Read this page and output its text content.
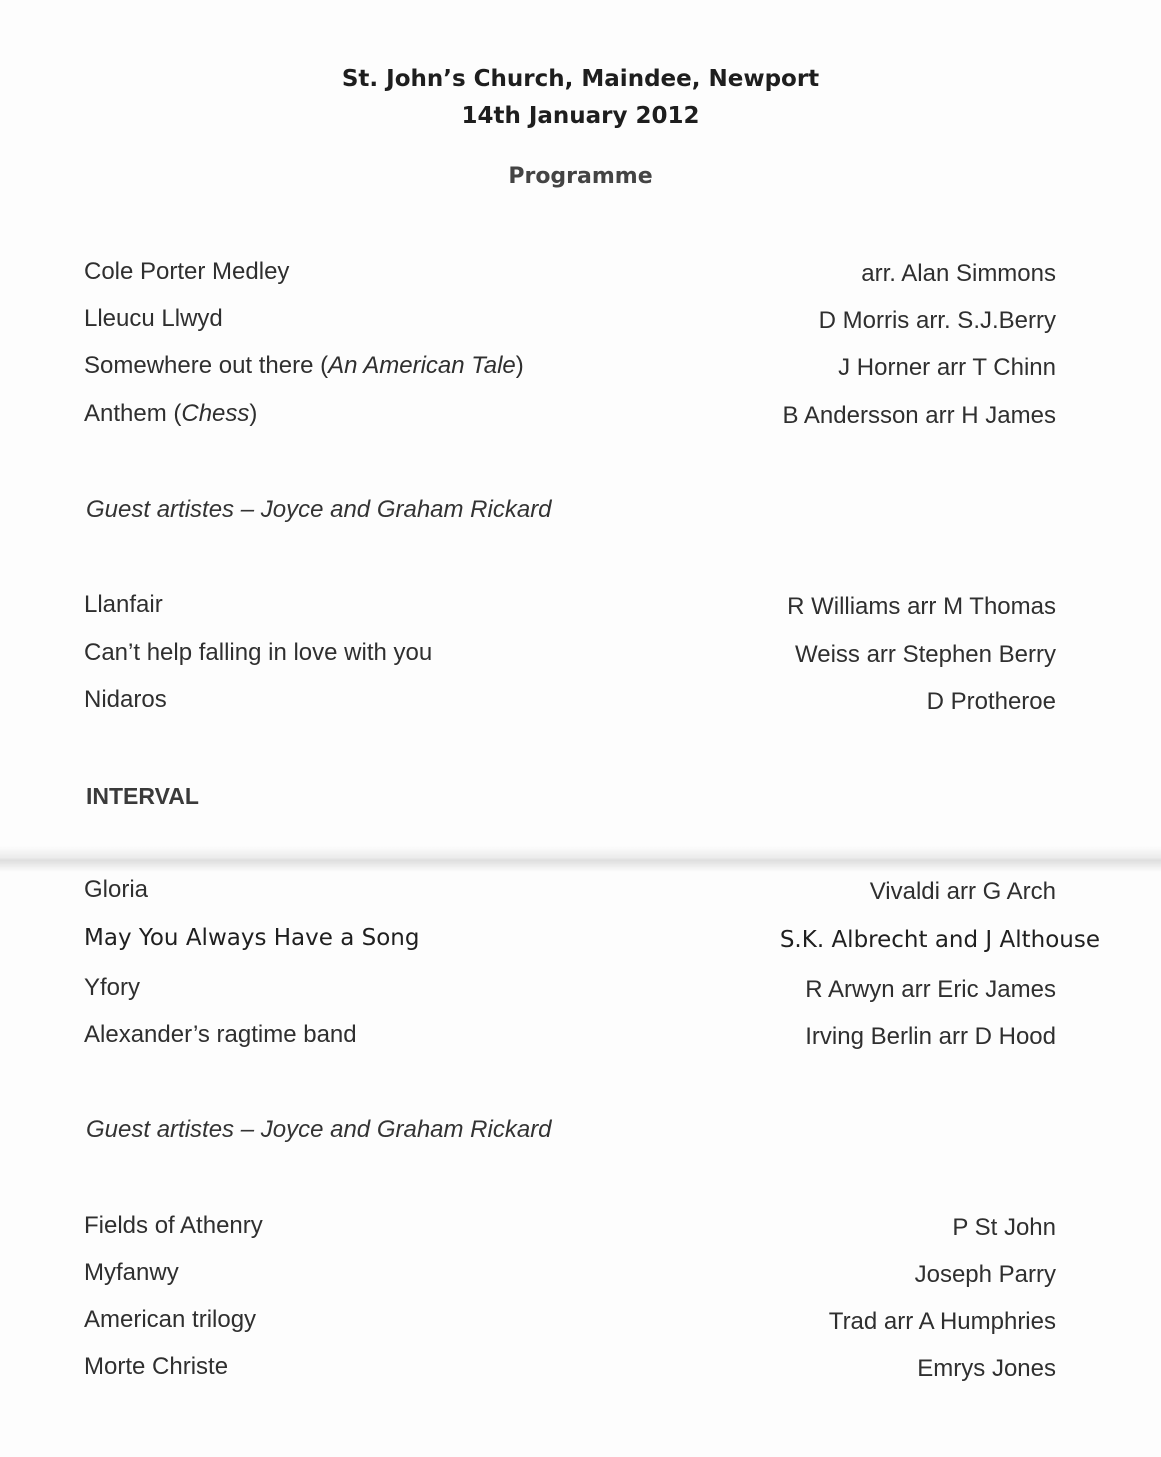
St. John’s Church, Maindee, Newport
14th January 2012
Programme
Cole Porter Medley	arr. Alan Simmons
Lleucu Llwyd	D Morris arr. S.J.Berry
Somewhere out there (An American Tale)	J Horner arr T Chinn
Anthem (Chess)	B Andersson arr H James
Guest artistes – Joyce and Graham Rickard
Llanfair	R Williams arr M Thomas
Can’t help falling in love with you	Weiss arr Stephen Berry
Nidaros	D Protheroe
INTERVAL
Gloria	Vivaldi arr G Arch
May You Always Have a Song	S.K. Albrecht and J Althouse
Yfory	R Arwyn arr Eric James
Alexander’s ragtime band	Irving Berlin arr D Hood
Guest artistes – Joyce and Graham Rickard
Fields of Athenry	P St John
Myfanwy	Joseph Parry
American trilogy	Trad arr A Humphries
Morte Christe	Emrys Jones
